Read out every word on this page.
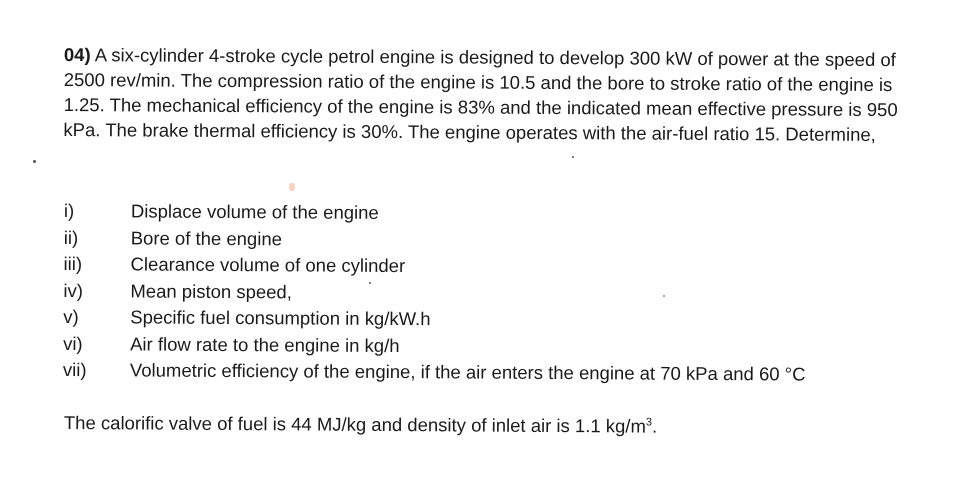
04) A six-cylinder 4-stroke cycle petrol engine is designed to develop 300 kW of power at the speed of 2500 rev/min. The compression ratio of the engine is 10.5 and the bore to stroke ratio of the engine is 1.25. The mechanical efficiency of the engine is 83% and the indicated mean effective pressure is 950 kPa. The brake thermal efficiency is 30%. The engine operates with the air-fuel ratio 15. Determine,
i)	Displace volume of the engine
ii)	Bore of the engine
iii)	Clearance volume of one cylinder
iv)	Mean piston speed,
v)	Specific fuel consumption in kg/kW.h
vi)	Air flow rate to the engine in kg/h
vii)	Volumetric efficiency of the engine, if the air enters the engine at 70 kPa and 60 °C
The calorific valve of fuel is 44 MJ/kg and density of inlet air is 1.1 $kg/m^3$.
